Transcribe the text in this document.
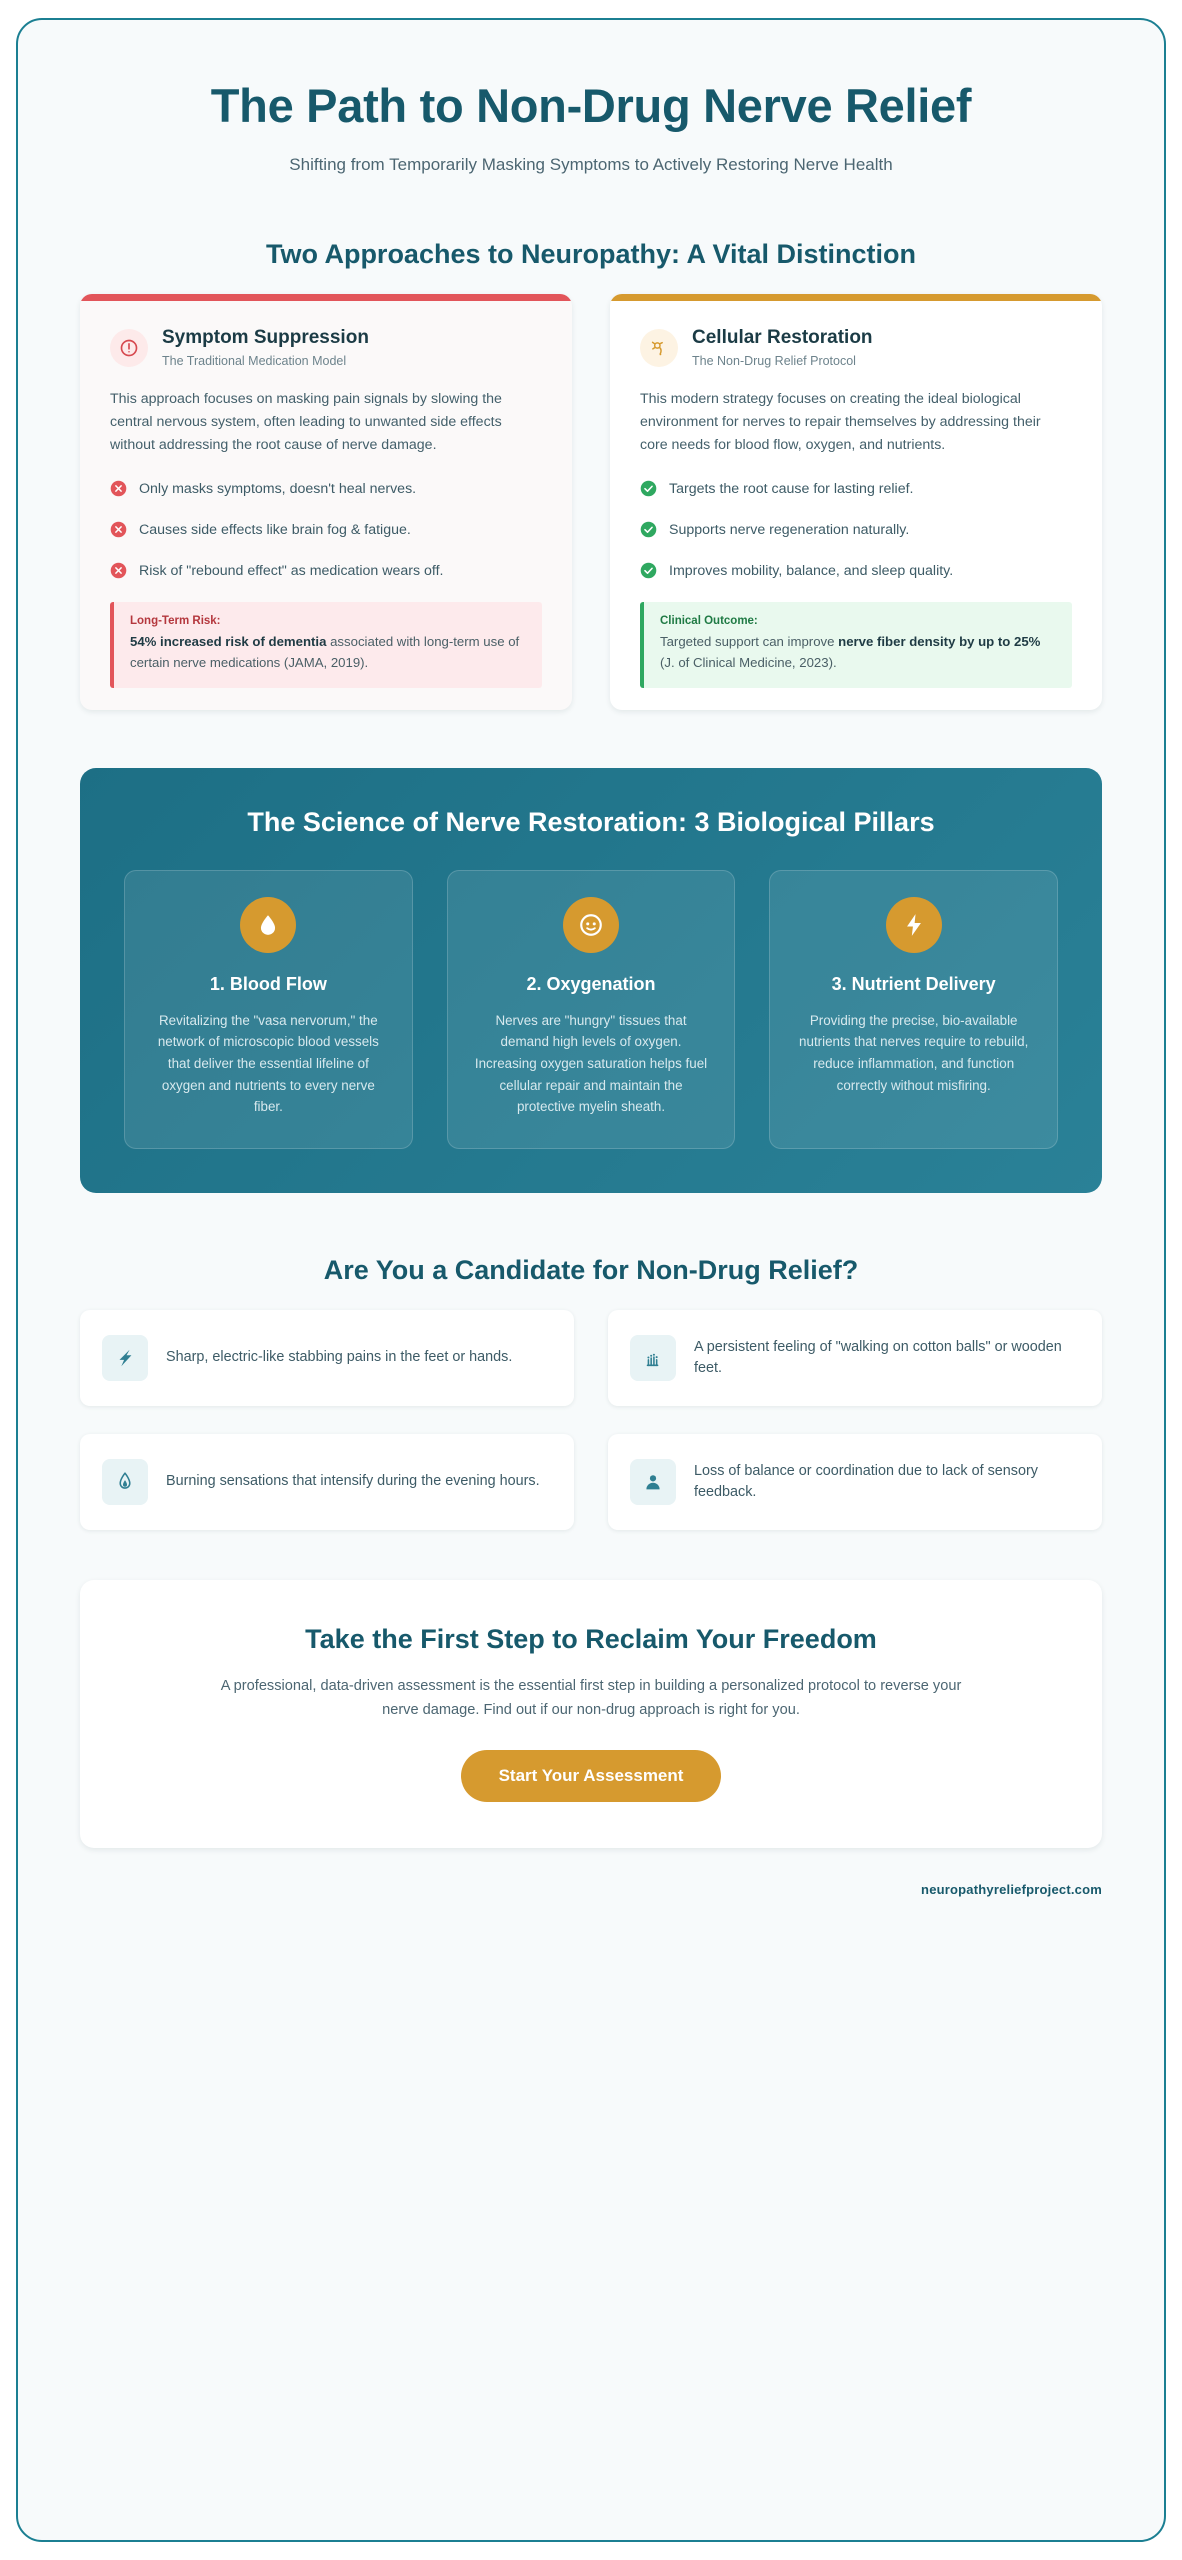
The Path to Non-Drug Nerve Relief

Shifting from Temporarily Masking Symptoms to Actively Restoring Nerve Health

Two Approaches to Neuropathy: A Vital Distinction
Symptom Suppression
The Traditional Medication Model

This approach focuses on masking pain signals by slowing the central nervous system, often leading to unwanted side effects without addressing the root cause of nerve damage.

Only masks symptoms, doesn't heal nerves.
Causes side effects like brain fog & fatigue.
Risk of "rebound effect" as medication wears off.
Long-Term Risk:
54% increased risk of dementia associated with long-term use of certain nerve medications (JAMA, 2019).
Cellular Restoration
The Non-Drug Relief Protocol

This modern strategy focuses on creating the ideal biological environment for nerves to repair themselves by addressing their core needs for blood flow, oxygen, and nutrients.

Targets the root cause for lasting relief.
Supports nerve regeneration naturally.
Improves mobility, balance, and sleep quality.
Clinical Outcome:
Targeted support can improve nerve fiber density by up to 25% (J. of Clinical Medicine, 2023).
The Science of Nerve Restoration: 3 Biological Pillars
1. Blood Flow

Revitalizing the "vasa nervorum," the network of microscopic blood vessels that deliver the essential lifeline of oxygen and nutrients to every nerve fiber.

2. Oxygenation

Nerves are "hungry" tissues that demand high levels of oxygen. Increasing oxygen saturation helps fuel cellular repair and maintain the protective myelin sheath.

3. Nutrient Delivery

Providing the precise, bio-available nutrients that nerves require to rebuild, reduce inflammation, and function correctly without misfiring.

Are You a Candidate for Non-Drug Relief?

Sharp, electric-like stabbing pains in the feet or hands.

A persistent feeling of "walking on cotton balls" or wooden feet.

Burning sensations that intensify during the evening hours.

Loss of balance or coordination due to lack of sensory feedback.

Take the First Step to Reclaim Your Freedom

A professional, data-driven assessment is the essential first step in building a personalized protocol to reverse your nerve damage. Find out if our non-drug approach is right for you.

Start Your Assessment
neuropathyreliefproject.com
